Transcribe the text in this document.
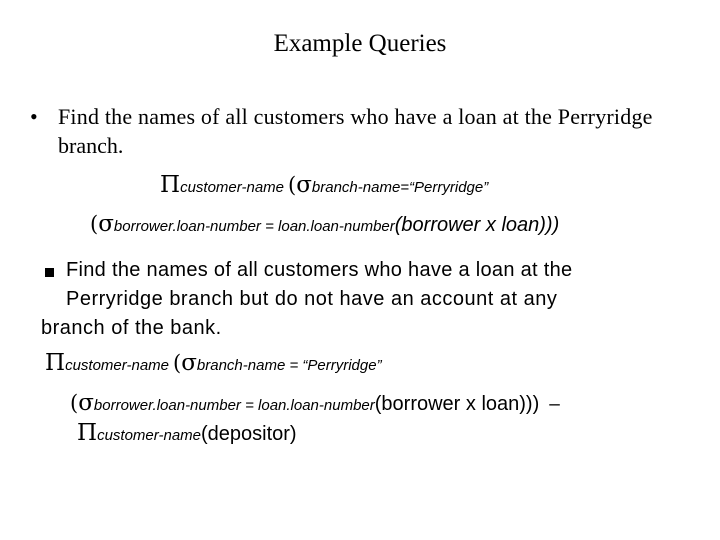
Example Queries
• Find the names of all customers who have a loan at the Perryridge
branch.
Πcustomer-name (σbranch-name=“Perryridge”
(σborrower.loan-number = loan.loan-number(borrower x loan)))
Find the names of all customers who have a loan at the
Perryridge branch but do not have an account at any
branch of the bank.
Πcustomer-name (σbranch-name = “Perryridge”
(σborrower.loan-number = loan.loan-number(borrower x loan))) –
Πcustomer-name(depositor)
